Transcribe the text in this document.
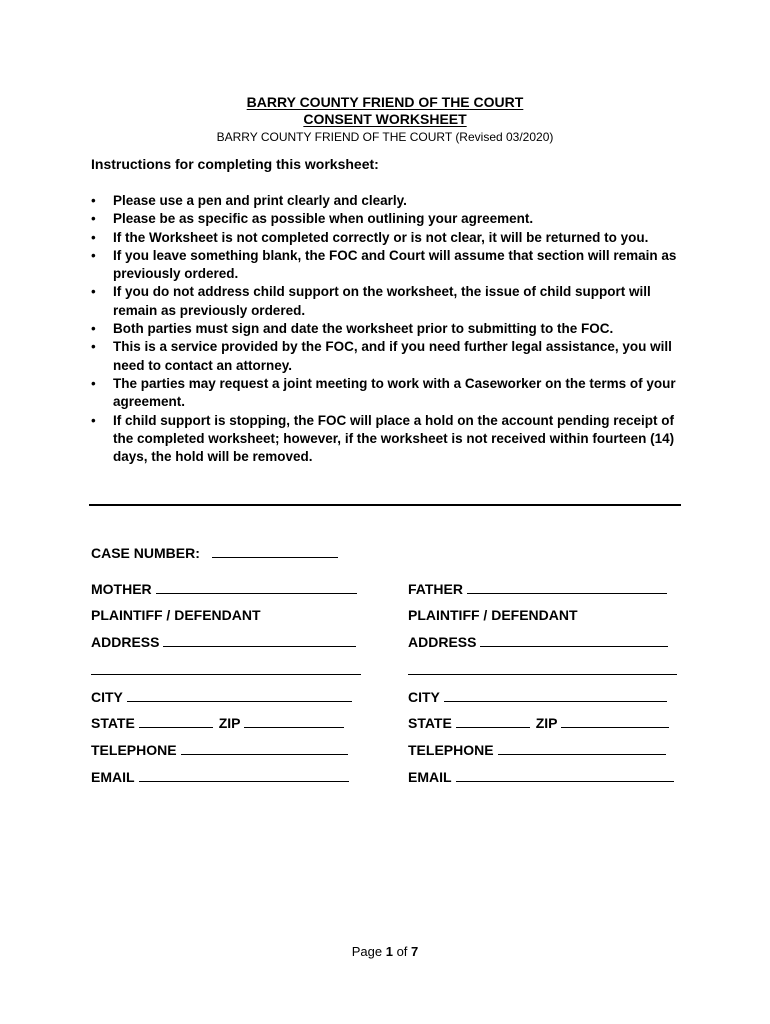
BARRY COUNTY FRIEND OF THE COURT
CONSENT WORKSHEET
BARRY COUNTY FRIEND OF THE COURT (Revised 03/2020)
Instructions for completing this worksheet:
• Please use a pen and print clearly and clearly.
• Please be as specific as possible when outlining your agreement.
• If the Worksheet is not completed correctly or is not clear, it will be returned to you.
• If you leave something blank, the FOC and Court will assume that section will remain as previously ordered.
• If you do not address child support on the worksheet, the issue of child support will remain as previously ordered.
• Both parties must sign and date the worksheet prior to submitting to the FOC.
• This is a service provided by the FOC, and if you need further legal assistance, you will need to contact an attorney.
• The parties may request a joint meeting to work with a Caseworker on the terms of your agreement.
• If child support is stopping, the FOC will place a hold on the account pending receipt of the completed worksheet; however, if the worksheet is not received within fourteen (14) days, the hold will be removed.
CASE NUMBER:
MOTHER
PLAINTIFF / DEFENDANT
ADDRESS
CITY
STATE	ZIP
TELEPHONE
EMAIL
FATHER
PLAINTIFF / DEFENDANT
ADDRESS
CITY
STATE	ZIP
TELEPHONE
EMAIL
Page 1 of 7
